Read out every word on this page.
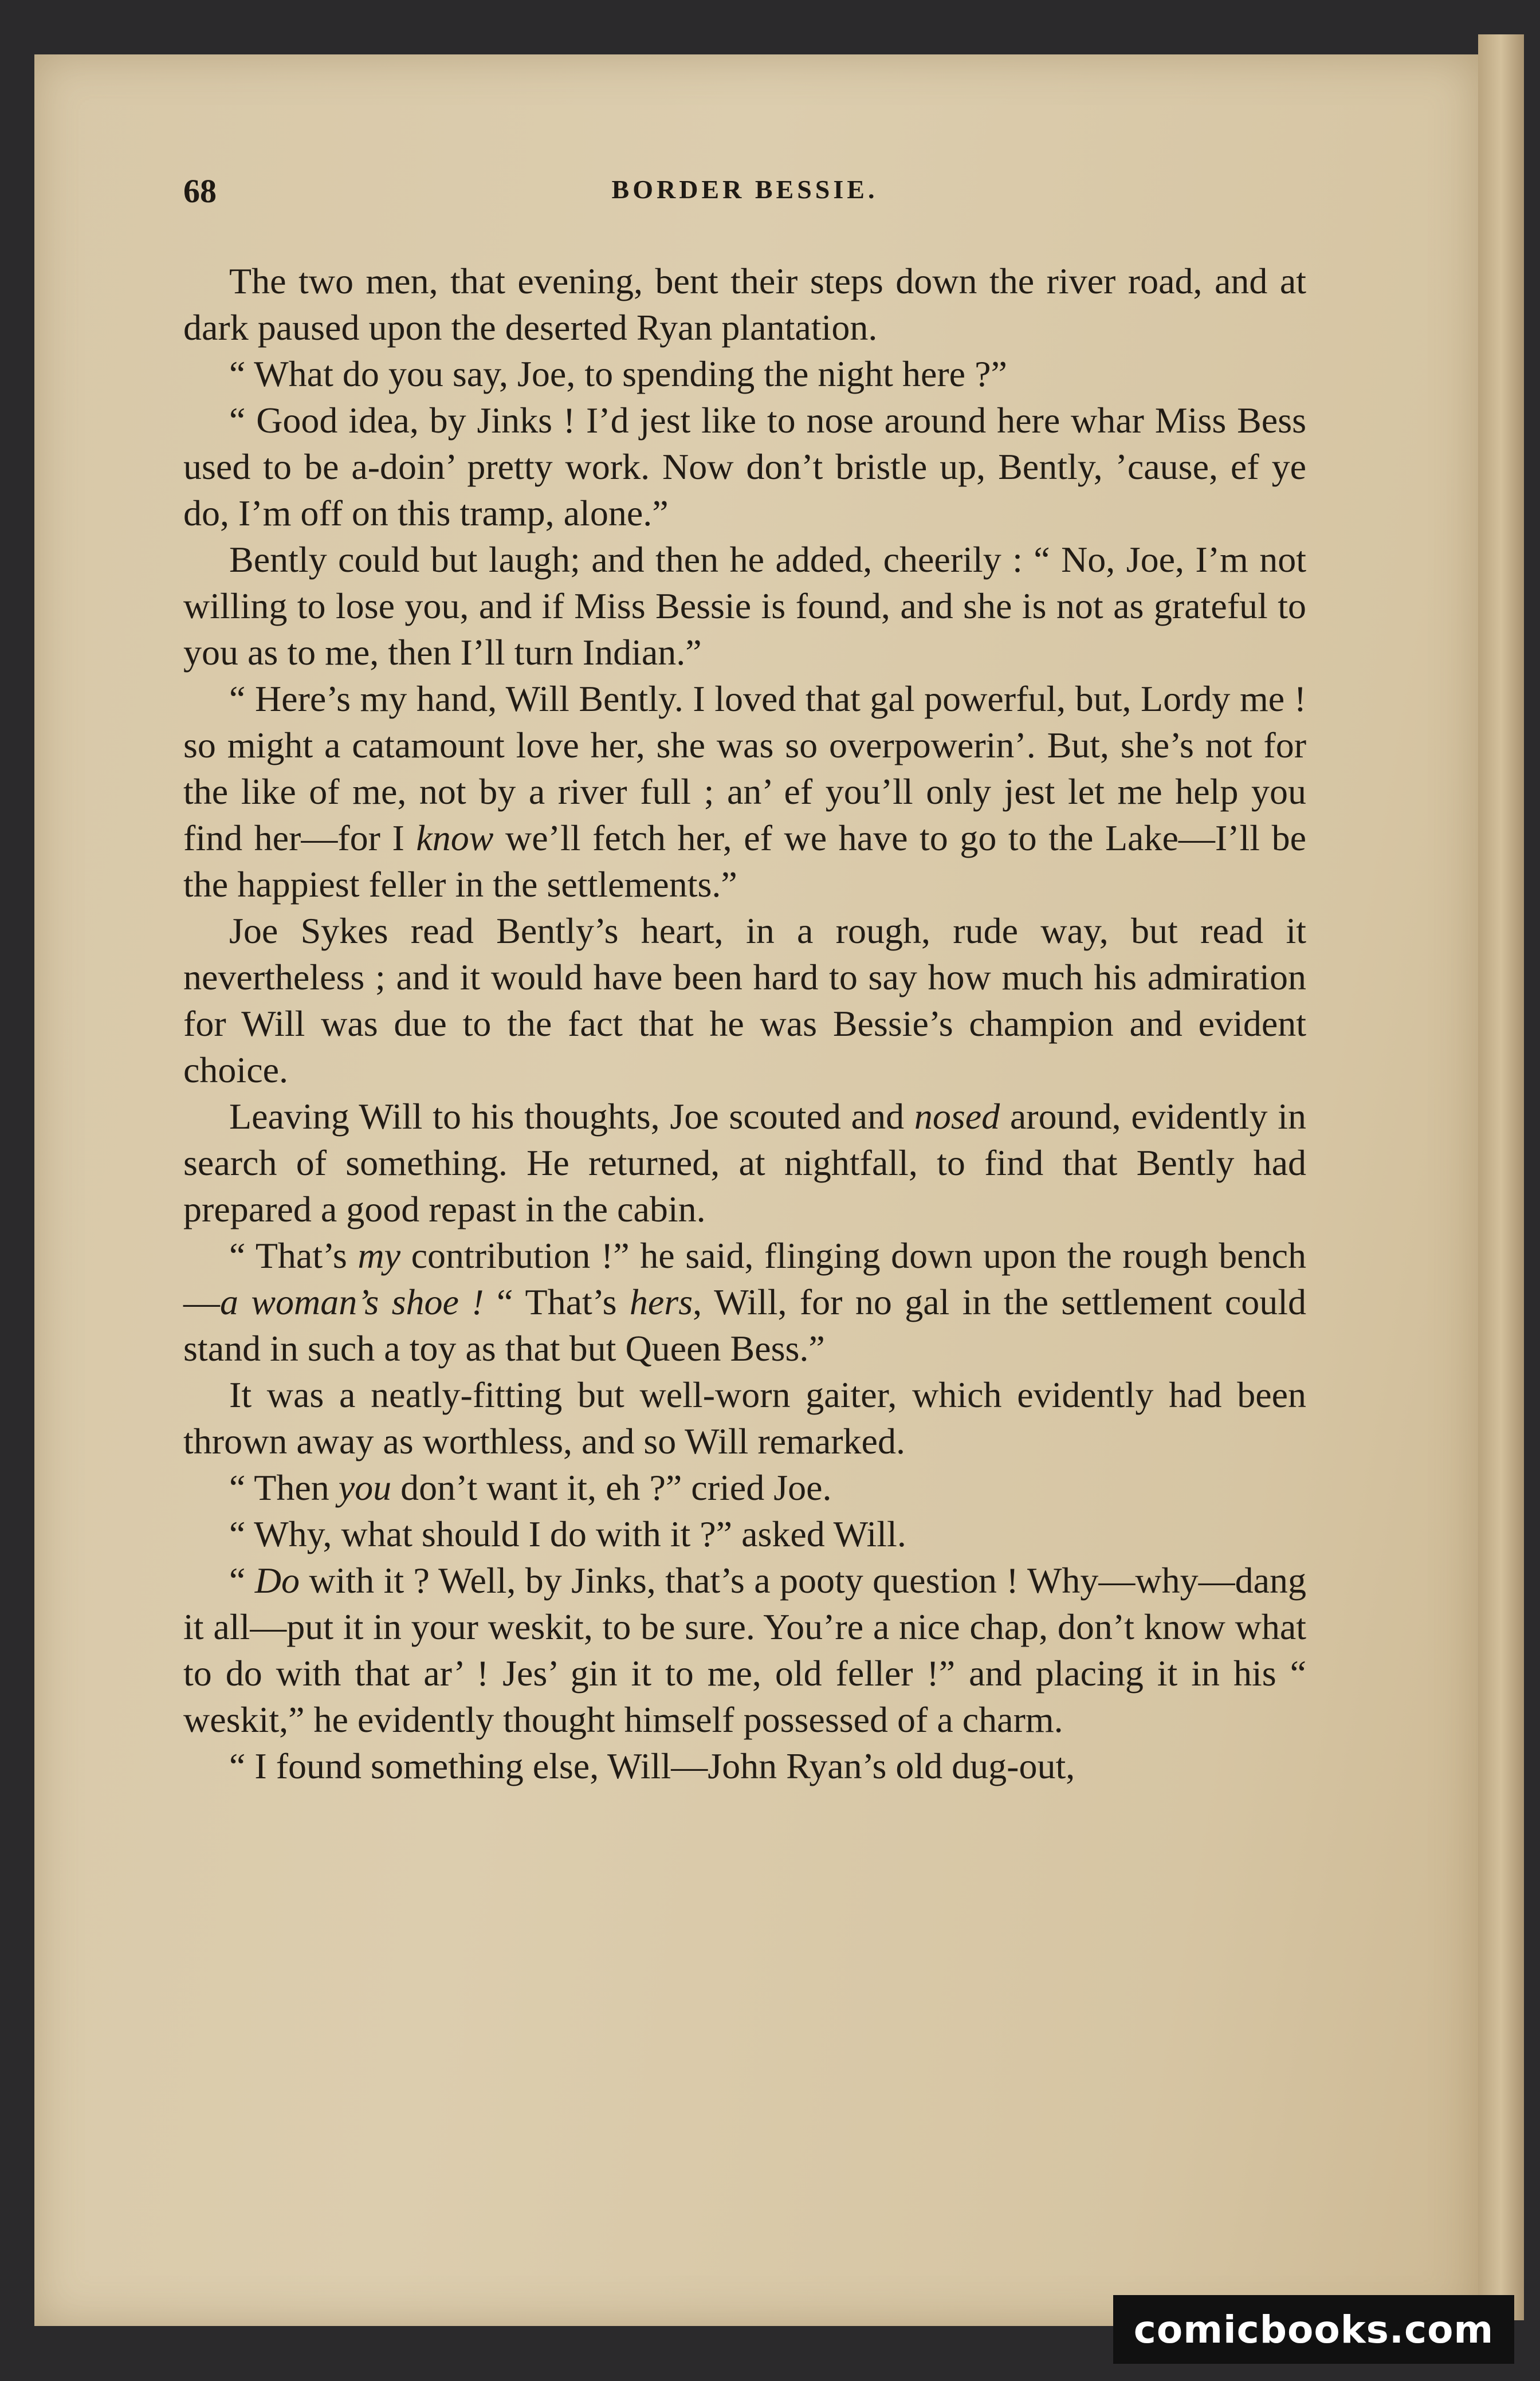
68	BORDER BESSIE.

The two men, that evening, bent their steps down the river road, and at dark paused upon the deserted Ryan plantation.

“ What do you say, Joe, to spending the night here ?”

“ Good idea, by Jinks ! I’d jest like to nose around here whar Miss Bess used to be a-doin’ pretty work. Now don’t bristle up, Bently, ’cause, ef ye do, I’m off on this tramp, alone.”

Bently could but laugh; and then he added, cheerily : “ No, Joe, I’m not willing to lose you, and if Miss Bessie is found, and she is not as grateful to you as to me, then I’ll turn Indian.”

“ Here’s my hand, Will Bently. I loved that gal powerful, but, Lordy me ! so might a catamount love her, she was so overpowerin’. But, she’s not for the like of me, not by a river full ; an’ ef you’ll only jest let me help you find her—for I know we’ll fetch her, ef we have to go to the Lake—I’ll be the happiest feller in the settlements.”

Joe Sykes read Bently’s heart, in a rough, rude way, but read it nevertheless ; and it would have been hard to say how much his admiration for Will was due to the fact that he was Bessie’s champion and evident choice.

Leaving Will to his thoughts, Joe scouted and nosed around, evidently in search of something. He returned, at nightfall, to find that Bently had prepared a good repast in the cabin.

“ That’s my contribution !” he said, flinging down upon the rough bench—a woman’s shoe ! “ That’s hers, Will, for no gal in the settlement could stand in such a toy as that but Queen Bess.”

It was a neatly-fitting but well-worn gaiter, which evidently had been thrown away as worthless, and so Will remarked.

“ Then you don’t want it, eh ?” cried Joe.

“ Why, what should I do with it ?” asked Will.

“ Do with it ? Well, by Jinks, that’s a pooty question ! Why—why—dang it all—put it in your weskit, to be sure. You’re a nice chap, don’t know what to do with that ar’ ! Jes’ gin it to me, old feller !” and placing it in his “ weskit,” he evidently thought himself possessed of a charm.

“ I found something else, Will—John Ryan’s old dug-out,

comicbooks.com
